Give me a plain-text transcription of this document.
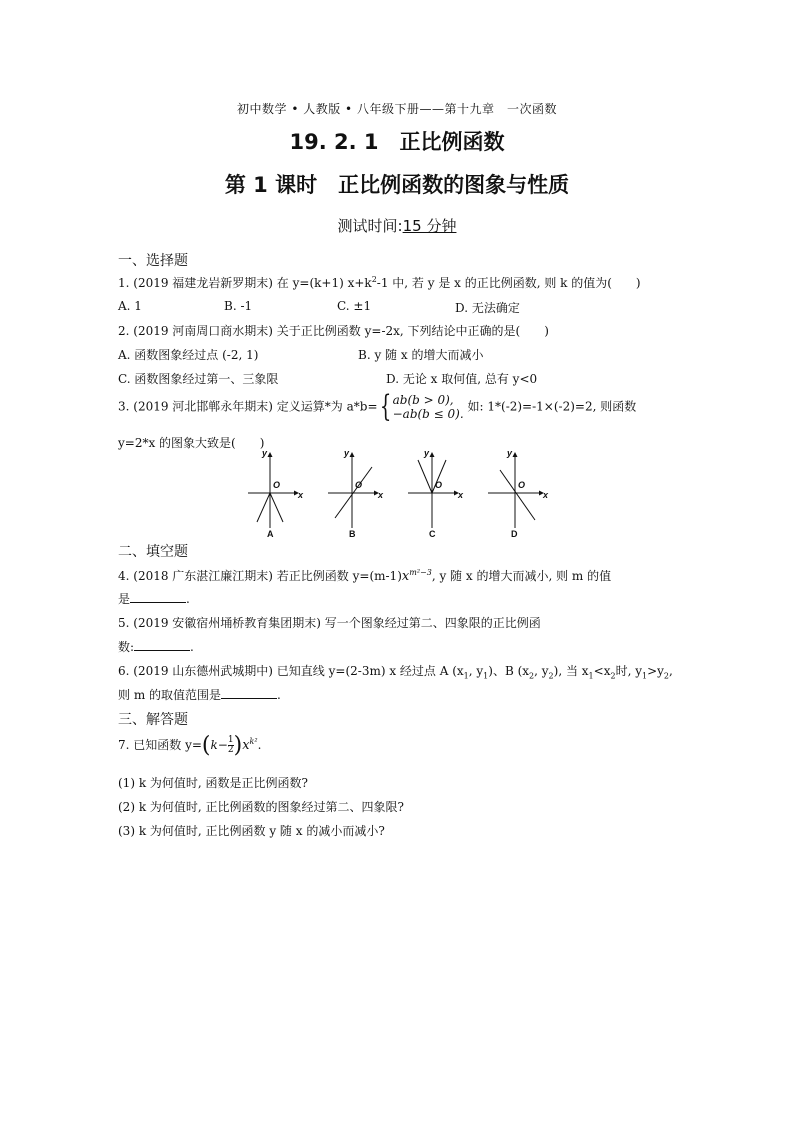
初中数学 • 人教版 • 八年级下册——第十九章　一次函数
19. 2. 1　正比例函数
第 1 课时　正比例函数的图象与性质
测试时间:15 分钟
一、选择题
1. (2019 福建龙岩新罗期末) 在 y=(k+1) $x+k^2-1$ 中, 若 y 是 x 的正比例函数, 则 k 的值为(　　)
A. 1	B. -1	C. ±1	D. 无法确定
2. (2019 河南周口商水期末) 关于正比例函数 y=-2x, 下列结论中正确的是(　　)
A. 函数图象经过点 (-2, 1)	B. y 随 x 的增大而减小
C. 函数图象经过第一、三象限	D. 无论 x 取何值, 总有 y<0
3. (2019 河北邯郸永年期末) 定义运算*为 a*b={ ab(b > 0),
−ab(b ≤ 0).
如: 1*(-2)=-1×(-2)=2, 则函数
y=2*x 的图象大致是(　　)
y
x
O
A
y
x
O
B
y
x
O
C
y
x
O
D
二、填空题
4. (2018 广东湛江廉江期末) 若正比例函数 $y=(m-1)x^{m^2-3}$, y 随 x 的增大而减小, 则 m 的值
是	.
5. (2019 安徽宿州埇桥教育集团期末) 写一个图象经过第二、四象限的正比例函
数:	.
6. (2019 山东德州武城期中) 已知直线 y=(2-3m) x 经过点 A ($x_1$, $y_1$)、B ($x_2$, $y_2$), 当 $x_1<x_2$时, $y_1>y_2$,
则 m 的取值范围是	.
三、解答题
7. 已知函数 $y=(k- \frac{1}{2} )x^{k^2}$.
(1) k 为何值时, 函数是正比例函数?
(2) k 为何值时, 正比例函数的图象经过第二、四象限?
(3) k 为何值时, 正比例函数 y 随 x 的减小而减小?
